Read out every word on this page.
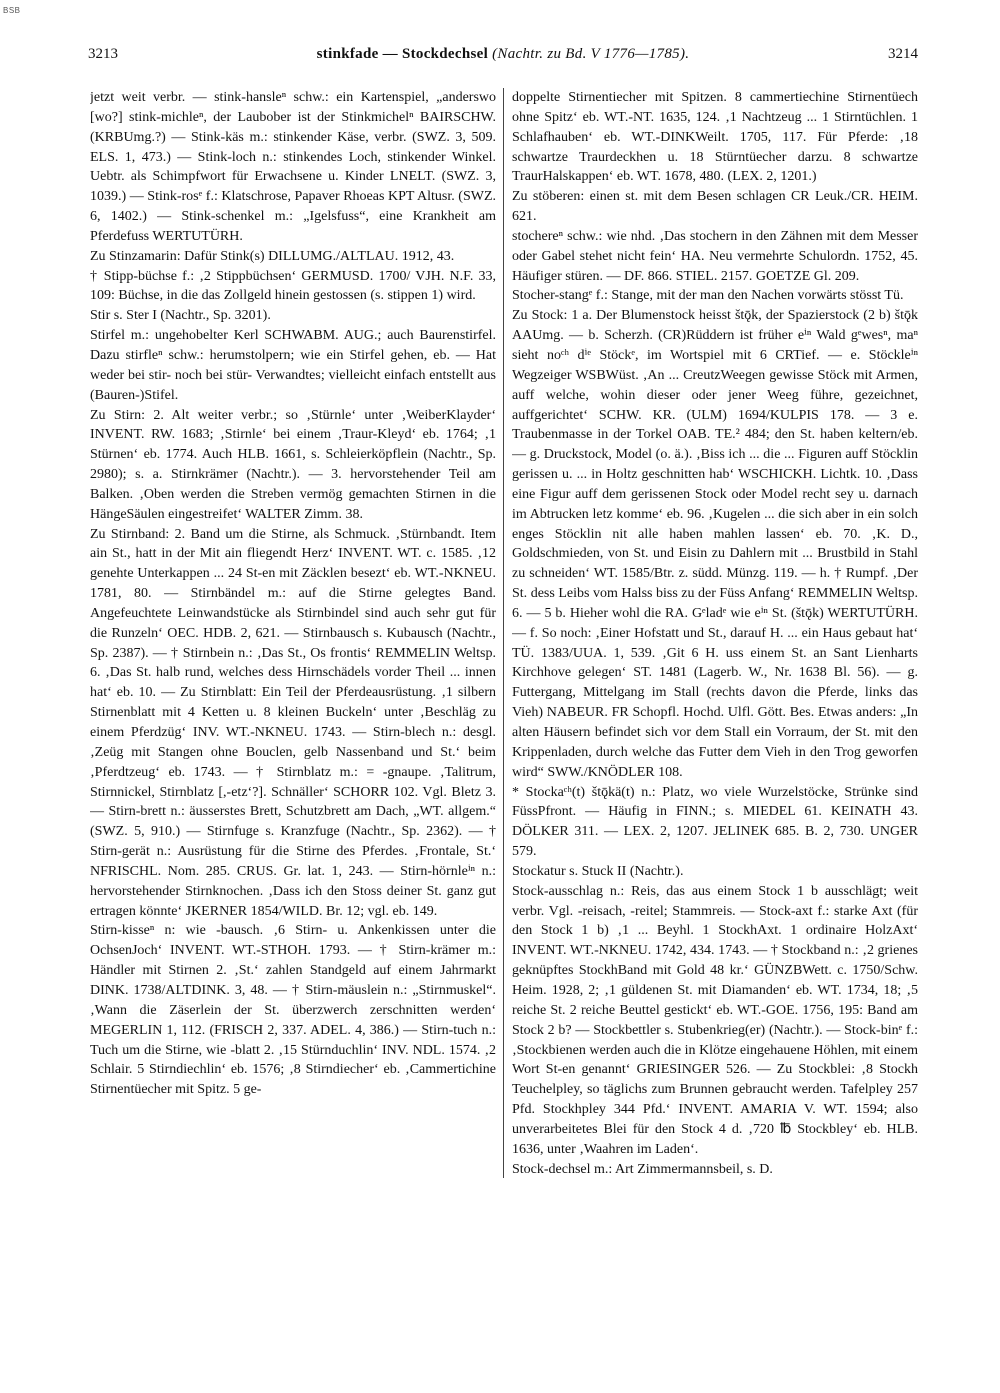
BSB
3213	stinkfade — Stockdechsel (Nachtr. zu Bd. V 1776—1785).	3214

jetzt weit verbr. — stink-hansleⁿ schw.: ein Kartenspiel, „anderswo [wo?] stink-michleⁿ, der Laubober ist der Stinkmichelⁿ BAIRSCHW. (KRBUmg.?) — Stink-käs m.: stinkender Käse, verbr. (SWZ. 3, 509. ELS. 1, 473.) — Stink-loch n.: stinkendes Loch, stinkender Winkel. Uebtr. als Schimpfwort für Erwachsene u. Kinder LNELT. (SWZ. 3, 1039.) — Stink-rosᵉ f.: Klatschrose, Papaver Rhoeas KPT Altusr. (SWZ. 6, 1402.) — Stink-schenkel m.: „Igelsfuss“, eine Krankheit am Pferdefuss WERTUTÜRH.

Zu Stinzamarin: Dafür Stink(s) DILLUMG./ALTLAU. 1912, 43.

† Stipp-büchse f.: ‚2 Stippbüchsen‘ GERMUSD. 1700/ VJH. N.F. 33, 109: Büchse, in die das Zollgeld hinein gestossen (s. stippen 1) wird.

Stir s. Ster I (Nachtr., Sp. 3201).

Stirfel m.: ungehobelter Kerl SCHWABM. AUG.; auch Baurenstirfel. Dazu stirfleⁿ schw.: herumstolpern; wie ein Stirfel gehen, eb. — Hat weder bei stir- noch bei stür- Verwandtes; vielleicht einfach entstellt aus (Bauren-)Stifel.

Zu Stirn: 2. Alt weiter verbr.; so ‚Stürnle‘ unter ‚WeiberKlayder‘ INVENT. RW. 1683; ‚Stirnle‘ bei einem ‚Traur-Kleyd‘ eb. 1764; ‚1 Stürnen‘ eb. 1774. Auch HLB. 1661, s. Schleierköpflein (Nachtr., Sp. 2980); s. a. Stirnkrämer (Nachtr.). — 3. hervorstehender Teil am Balken. ‚Oben werden die Streben vermög gemachten Stirnen in die HängeSäulen eingestreifet‘ WALTER Zimm. 38.

Zu Stirnband: 2. Band um die Stirne, als Schmuck. ‚Stürnbandt. Item ain St., hatt in der Mit ain fliegendt Herz‘ INVENT. WT. c. 1585. ‚12 genehte Unterkappen ... 24 St-en mit Zäcklen besezt‘ eb. WT.-NKNEU. 1781, 80. — Stirnbändel m.: auf die Stirne gelegtes Band. Angefeuchtete Leinwandstücke als Stirnbindel sind auch sehr gut für die Runzeln‘ OEC. HDB. 2, 621. — Stirnbausch s. Kubausch (Nachtr., Sp. 2387). — † Stirnbein n.: ‚Das St., Os frontis‘ REMMELIN Weltsp. 6. ‚Das St. halb rund, welches dess Hirnschädels vorder Theil ... innen hat‘ eb. 10. — Zu Stirnblatt: Ein Teil der Pferdeausrüstung. ‚1 silbern Stirnenblatt mit 4 Ketten u. 8 kleinen Buckeln‘ unter ‚Beschläg zu einem Pferdzüg‘ INV. WT.-NKNEU. 1743. — Stirn-blech n.: desgl. ‚Zeüg mit Stangen ohne Bouclen, gelb Nassenband und St.‘ beim ‚Pferdtzeug‘ eb. 1743. — † Stirnblatz m.: = -gnaupe. ‚Talitrum, Stirnnickel, Stirnblatz [,-etz‘?]. Schnäller‘ SCHORR 102. Vgl. Bletz 3. — Stirn-brett n.: äusserstes Brett, Schutzbrett am Dach, „WT. allgem.“ (SWZ. 5, 910.) — Stirnfuge s. Kranzfuge (Nachtr., Sp. 2362). — † Stirn-gerät n.: Ausrüstung für die Stirne des Pferdes. ‚Frontale, St.‘ NFRISCHL. Nom. 285. CRUS. Gr. lat. 1, 243. — Stirn-hörnleⁱⁿ n.: hervorstehender Stirnknochen. ‚Dass ich den Stoss deiner St. ganz gut ertragen könnte‘ JKERNER 1854/WILD. Br. 12; vgl. eb. 149.

Stirn-kisseⁿ n: wie -bausch. ‚6 Stirn- u. Ankenkissen unter die OchsenJoch‘ INVENT. WT.-STHOH. 1793. — † Stirn-krämer m.: Händler mit Stirnen 2. ‚St.‘ zahlen Standgeld auf einem Jahrmarkt DINK. 1738/ALTDINK. 3, 48. — † Stirn-mäuslein n.: „Stirnmuskel“. ‚Wann die Zäserlein der St. überzwerch zerschnitten werden‘ MEGERLIN 1, 112. (FRISCH 2, 337. ADEL. 4, 386.) — Stirn-tuch n.: Tuch um die Stirne, wie -blatt 2. ‚15 Stürnduchlin‘ INV. NDL. 1574. ‚2 Schlair. 5 Stirndiechlin‘ eb. 1576; ‚8 Stirndiecher‘ eb. ‚Cammertichine Stirnentüecher mit Spitz. 5 ge-

doppelte Stirnentiecher mit Spitzen. 8 cammertiechine Stirnentüech ohne Spitz‘ eb. WT.-NT. 1635, 124. ‚1 Nachtzeug ... 1 Stirntüchlen. 1 Schlafhauben‘ eb. WT.-DINKWeilt. 1705, 117. Für Pferde: ‚18 schwartze Traurdeckhen u. 18 Stürntüecher darzu. 8 schwartze TraurHalskappen‘ eb. WT. 1678, 480. (LEX. 2, 1201.)

Zu stöberen: einen st. mit dem Besen schlagen CR Leuk./CR. HEIM. 621.

stochereⁿ schw.: wie nhd. ‚Das stochern in den Zähnen mit dem Messer oder Gabel stehet nicht fein‘ HA. Neu vermehrte Schulordn. 1752, 45. Häufiger stüren. — DF. 866. STIEL. 2157. GOETZE Gl. 209.

Stocher-stangᵉ f.: Stange, mit der man den Nachen vorwärts stösst Tü.

Zu Stock: 1 a. Der Blumenstock heisst štǭk, der Spazierstock (2 b) štǭk AAUmg. — b. Scherzh. (CR)Rüddern ist früher eⁱⁿ Wald gᵉwesⁿ, maⁿ sieht noᶜʰ dⁱᵉ Stöckᵉ, im Wortspiel mit 6 CRTief. — e. Stöckleⁱⁿ Wegzeiger WSBWüst. ‚An ... CreutzWeegen gewisse Stöck mit Armen, auff welche, wohin dieser oder jener Weeg führe, gezeichnet, auffgerichtet‘ SCHW. KR. (ULM) 1694/KULPIS 178. — 3 e. Traubenmasse in der Torkel OAB. TE.² 484; den St. haben keltern/eb. — g. Druckstock, Model (o. ä.). ‚Biss ich ... die ... Figuren auff Stöcklin gerissen u. ... in Holtz geschnitten hab‘ WSCHICKH. Lichtk. 10. ‚Dass eine Figur auff dem gerissenen Stock oder Model recht sey u. darnach im Abtrucken letz komme‘ eb. 96. ‚Kugelen ... die sich aber in ein solch enges Stöcklin nit alle haben mahlen lassen‘ eb. 70. ‚K. D., Goldschmieden, von St. und Eisin zu Dahlern mit ... Brustbild in Stahl zu schneiden‘ WT. 1585/Btr. z. südd. Münzg. 119. — h. † Rumpf. ‚Der St. dess Leibs vom Halss biss zu der Füss Anfang‘ REMMELIN Weltsp. 6. — 5 b. Hieher wohl die RA. Gᵉladᵉ wie eⁱⁿ St. (štǭk) WERTUTÜRH. — f. So noch: ‚Einer Hofstatt und St., darauf H. ... ein Haus gebaut hat‘ TÜ. 1383/UUA. 1, 539. ‚Git 6 H. uss einem St. an Sant Lienharts Kirchhove gelegen‘ ST. 1481 (Lagerb. W., Nr. 1638 Bl. 56). — g. Futtergang, Mittelgang im Stall (rechts davon die Pferde, links das Vieh) NABEUR. FR Schopfl. Hochd. Ulfl. Gött. Bes. Etwas anders: „In alten Häusern befindet sich vor dem Stall ein Vorraum, der St. mit den Krippenladen, durch welche das Futter dem Vieh in den Trog geworfen wird“ SWW./KNÖDLER 108.

* Stockaᶜʰ(t) štǭkä(t) n.: Platz, wo viele Wurzelstöcke, Strünke sind FüssPfront. — Häufig in FINN.; s. MIEDEL 61. KEINATH 43. DÖLKER 311. — LEX. 2, 1207. JELINEK 685. B. 2, 730. UNGER 579.

Stockatur s. Stuck II (Nachtr.).

Stock-ausschlag n.: Reis, das aus einem Stock 1 b ausschlägt; weit verbr. Vgl. -reisach, -reitel; Stammreis. — Stock-axt f.: starke Axt (für den Stock 1 b) ‚1 ... Beyhl. 1 StockhAxt. 1 ordinaire HolzAxt‘ INVENT. WT.-NKNEU. 1742, 434. 1743. — † Stockband n.: ‚2 grienes geknüpftes StockhBand mit Gold 48 kr.‘ GÜNZBWett. c. 1750/Schw. Heim. 1928, 2; ‚1 güldenen St. mit Diamanden‘ eb. WT. 1734, 18; ‚5 reiche St. 2 reiche Beuttel gestickt‘ eb. WT.-GOE. 1756, 195: Band am Stock 2 b? — Stockbettler s. Stubenkrieg(er) (Nachtr.). — Stock-binᵉ f.: ‚Stockbienen werden auch die in Klötze eingehauene Höhlen, mit einem Wort St-en genannt‘ GRIESINGER 526. — Zu Stockblei: ‚8 Stockh Teuchelpley, so täglichs zum Brunnen gebraucht werden. Tafelpley 257 Pfd. Stockhpley 344 Pfd.‘ INVENT. AMARIA V. WT. 1594; also unverarbeitetes Blei für den Stock 4 d. ‚720 ℔ Stockbley‘ eb. HLB. 1636, unter ‚Waahren im Laden‘.

Stock-dechsel m.: Art Zimmermannsbeil, s. D.
